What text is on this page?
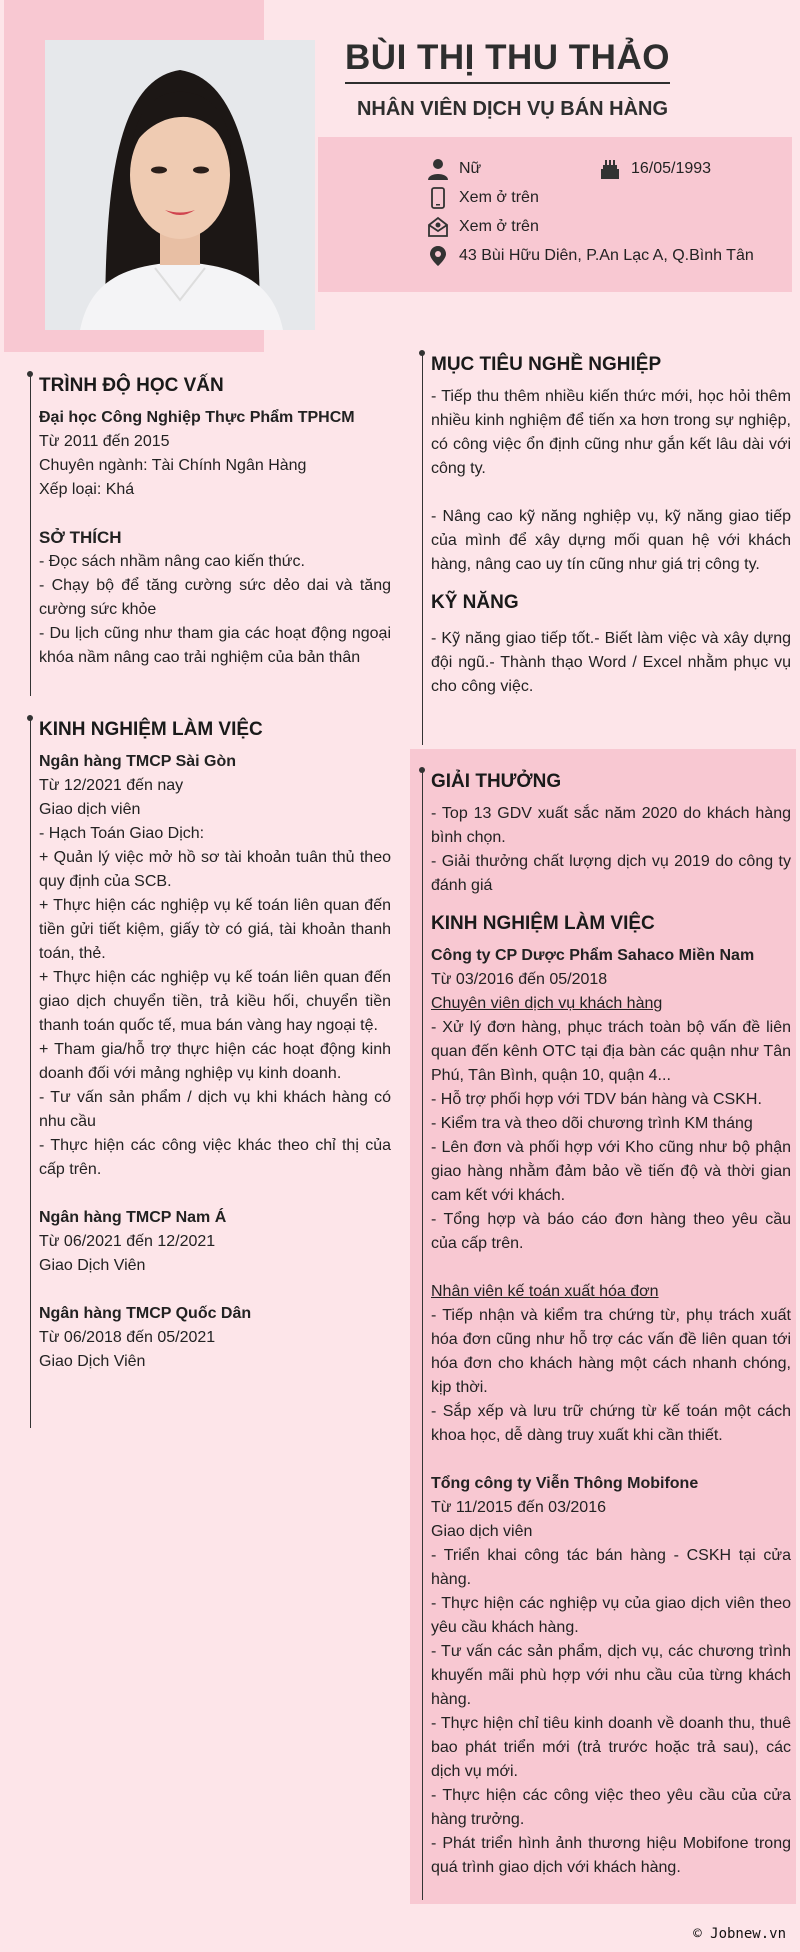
BÙI THỊ THU THẢO
NHÂN VIÊN DỊCH VỤ BÁN HÀNG
Nữ	16/05/1993
Xem ở trên
Xem ở trên
43 Bùi Hữu Diên, P.An Lạc A, Q.Bình Tân
TRÌNH ĐỘ HỌC VẤN
Đại học Công Nghiệp Thực Phẩm TPHCM
Từ 2011 đến 2015
Chuyên ngành: Tài Chính Ngân Hàng
Xếp loại: Khá
SỞ THÍCH
- Đọc sách nhầm nâng cao kiến thức.
- Chạy bộ để tăng cường sức dẻo dai và tăng cường sức khỏe
- Du lịch cũng như tham gia các hoạt động ngoại khóa nầm nâng cao trải nghiệm của bản thân
KINH NGHIỆM LÀM VIỆC
Ngân hàng TMCP Sài Gòn
Từ 12/2021 đến nay
Giao dịch viên
- Hạch Toán Giao Dịch:
+ Quản lý việc mở hồ sơ tài khoản tuân thủ theo quy định của SCB.
+ Thực hiện các nghiệp vụ kế toán liên quan đến tiền gửi tiết kiệm, giấy tờ có giá, tài khoản thanh toán, thẻ.
+ Thực hiện các nghiệp vụ kế toán liên quan đến giao dịch chuyển tiền, trả kiều hối, chuyển tiền thanh toán quốc tế, mua bán vàng hay ngoại tệ.
+ Tham gia/hỗ trợ thực hiện các hoạt động kinh doanh đối với mảng nghiệp vụ kinh doanh.
- Tư vấn sản phẩm / dịch vụ khi khách hàng có nhu cầu
- Thực hiện các công việc khác theo chỉ thị của cấp trên.
Ngân hàng TMCP Nam Á
Từ 06/2021 đến 12/2021
Giao Dịch Viên
Ngân hàng TMCP Quốc Dân
Từ 06/2018 đến 05/2021
Giao Dịch Viên
MỤC TIÊU NGHỀ NGHIỆP
- Tiếp thu thêm nhiều kiến thức mới, học hỏi thêm nhiều kinh nghiệm để tiến xa hơn trong sự nghiệp, có công việc ổn định cũng như gắn kết lâu dài với công ty.
- Nâng cao kỹ năng nghiệp vụ, kỹ năng giao tiếp của mình để xây dựng mối quan hệ với khách hàng, nâng cao uy tín cũng như giá trị công ty.
KỸ NĂNG
- Kỹ năng giao tiếp tốt.- Biết làm việc và xây dựng đội ngũ.- Thành thạo Word / Excel nhằm phục vụ cho công việc.
GIẢI THƯỞNG
- Top 13 GDV xuất sắc năm 2020 do khách hàng bình chọn.
- Giải thưởng chất lượng dịch vụ 2019 do công ty đánh giá
KINH NGHIỆM LÀM VIỆC
Công ty CP Dược Phẩm Sahaco Miền Nam
Từ 03/2016 đến 05/2018
Chuyên viên dịch vụ khách hàng
- Xử lý đơn hàng, phục trách toàn bộ vấn đề liên quan đến kênh OTC tại địa bàn các quận như Tân Phú, Tân Bình, quận 10, quận 4...
- Hỗ trợ phối hợp với TDV bán hàng và CSKH.
- Kiểm tra và theo dõi chương trình KM tháng
- Lên đơn và phối hợp với Kho cũng như bộ phận giao hàng nhằm đảm bảo về tiến độ và thời gian cam kết với khách.
- Tổng hợp và báo cáo đơn hàng theo yêu cầu của cấp trên.
Nhân viên kế toán xuất hóa đơn
- Tiếp nhận và kiểm tra chứng từ, phụ trách xuất hóa đơn cũng như hỗ trợ các vấn đề liên quan tới hóa đơn cho khách hàng một cách nhanh chóng, kịp thời.
- Sắp xếp và lưu trữ chứng từ kế toán một cách khoa học, dễ dàng truy xuất khi cần thiết.
Tổng công ty Viễn Thông Mobifone
Từ 11/2015 đến 03/2016
Giao dịch viên
- Triển khai công tác bán hàng - CSKH tại cửa hàng.
- Thực hiện các nghiệp vụ của giao dịch viên theo yêu cầu khách hàng.
- Tư vấn các sản phẩm, dịch vụ, các chương trình khuyến mãi phù hợp với nhu cầu của từng khách hàng.
- Thực hiện chỉ tiêu kinh doanh về doanh thu, thuê bao phát triển mới (trả trước hoặc trả sau), các dịch vụ mới.
- Thực hiện các công việc theo yêu cầu của cửa hàng trưởng.
- Phát triển hình ảnh thương hiệu Mobifone trong quá trình giao dịch với khách hàng.
© Jobnew.vn
